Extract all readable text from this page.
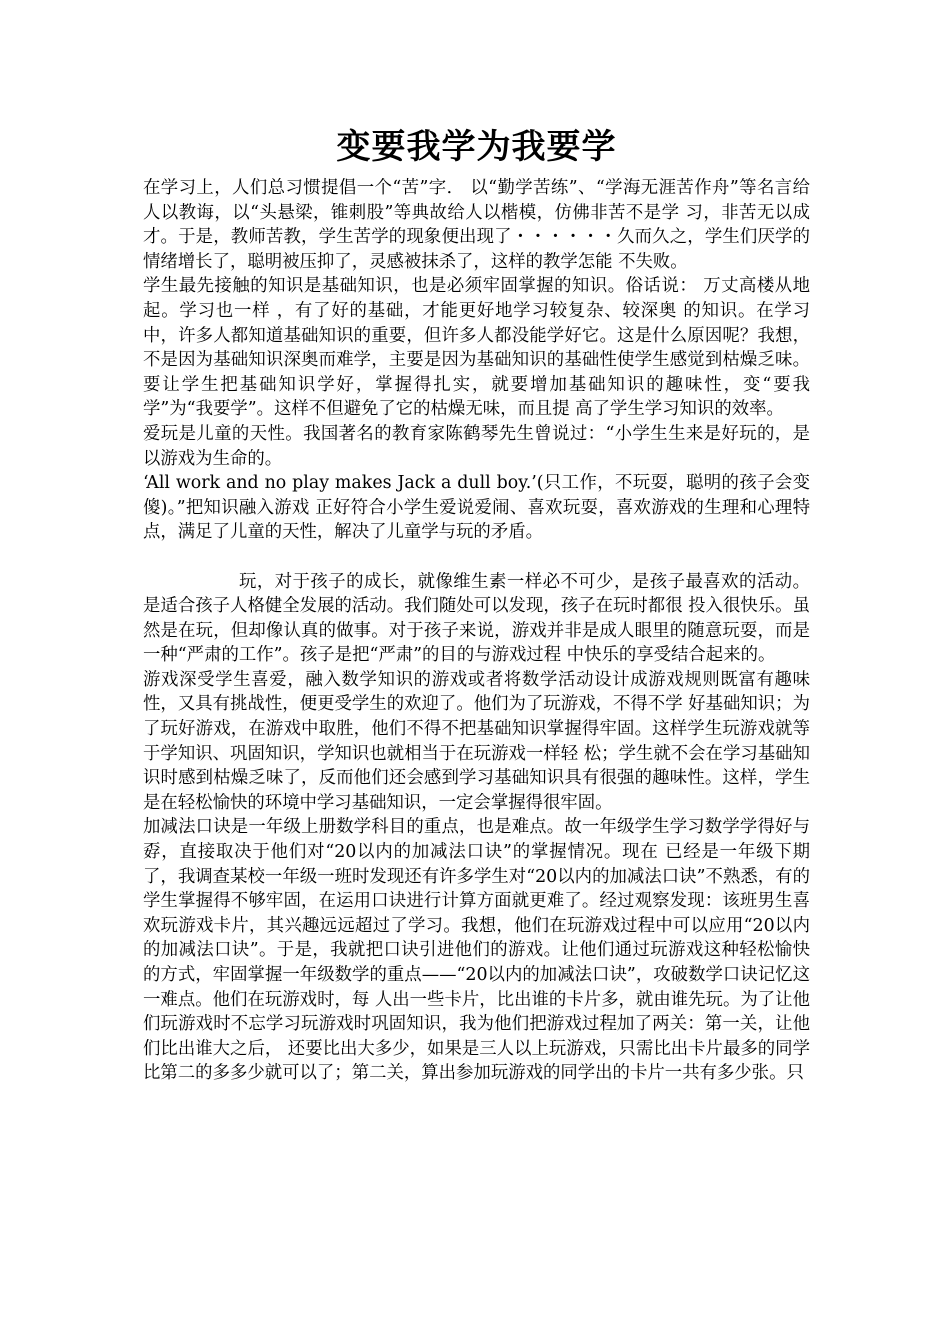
变要我学为我要学

在学习上，人们总习惯提倡一个“苦”字． 以“勤学苦练”、“学海无涯苦作舟”等名言给人以教诲，以“头悬梁，锥刺股”等典故给人以楷模，仿佛非苦不是学 习，非苦无以成才。于是，教师苦教，学生苦学的现象便出现了・・・・・・久而久之，学生们厌学的情绪增长了，聪明被压抑了，灵感被抹杀了，这样的教学怎能 不失败。

学生最先接触的知识是基础知识，也是必须牢固掌握的知识。俗话说： 万丈高楼从地起。学习也一样 ，有了好的基础，才能更好地学习较复杂、较深奥 的知识。在学习中，许多人都知道基础知识的重要，但许多人都没能学好它。这是什么原因呢？我想，不是因为基础知识深奥而难学，主要是因为基础知识的基础性使学生感觉到枯燥乏味。要让学生把基础知识学好，掌握得扎实，就要增加基础知识的趣味性，变“要我学”为“我要学”。这样不但避免了它的枯燥无味，而且提 高了学生学习知识的效率。

爱玩是儿童的天性。我国著名的教育家陈鹤琴先生曾说过：“小学生生来是好玩的，是以游戏为生命的。

‘All work and no play makes Jack a dull boy.’(只工作，不玩耍，聪明的孩子会变傻)。”把知识融入游戏 正好符合小学生爱说爱闹、喜欢玩耍，喜欢游戏的生理和心理特点，满足了儿童的天性，解决了儿童学与玩的矛盾。

玩，对于孩子的成长，就像维生素一样必不可少，是孩子最喜欢的活动。是适合孩子人格健全发展的活动。我们随处可以发现，孩子在玩时都很 投入很快乐。虽然是在玩，但却像认真的做事。对于孩子来说，游戏并非是成人眼里的随意玩耍，而是一种“严肃的工作”。孩子是把“严肃”的目的与游戏过程 中快乐的享受结合起来的。

游戏深受学生喜爱，融入数学知识的游戏或者将数学活动设计成游戏规则既富有趣味性，又具有挑战性，便更受学生的欢迎了。他们为了玩游戏，不得不学 好基础知识；为了玩好游戏，在游戏中取胜，他们不得不把基础知识掌握得牢固。这样学生玩游戏就等于学知识、巩固知识，学知识也就相当于在玩游戏一样轻 松；学生就不会在学习基础知识时感到枯燥乏味了，反而他们还会感到学习基础知识具有很强的趣味性。这样，学生是在轻松愉快的环境中学习基础知识，一定会掌握得很牢固。

加减法口诀是一年级上册数学科目的重点，也是难点。故一年级学生学习数学学得好与孬，直接取决于他们对“20以内的加减法口诀”的掌握情况。现在 已经是一年级下期了，我调查某校一年级一班时发现还有许多学生对“20以内的加减法口诀”不熟悉，有的学生掌握得不够牢固，在运用口诀进行计算方面就更难了。经过观察发现：该班男生喜欢玩游戏卡片，其兴趣远远超过了学习。我想，他们在玩游戏过程中可以应用“20以内的加减法口诀”。于是，我就把口诀引进他们的游戏。让他们通过玩游戏这种轻松愉快的方式，牢固掌握一年级数学的重点——“20以内的加减法口诀”，攻破数学口诀记忆这一难点。他们在玩游戏时，每 人出一些卡片，比出谁的卡片多，就由谁先玩。为了让他们玩游戏时不忘学习玩游戏时巩固知识，我为他们把游戏过程加了两关：第一关，让他们比出谁大之后， 还要比出大多少，如果是三人以上玩游戏，只需比出卡片最多的同学比第二的多多少就可以了；第二关，算出参加玩游戏的同学出的卡片一共有多少张。只
